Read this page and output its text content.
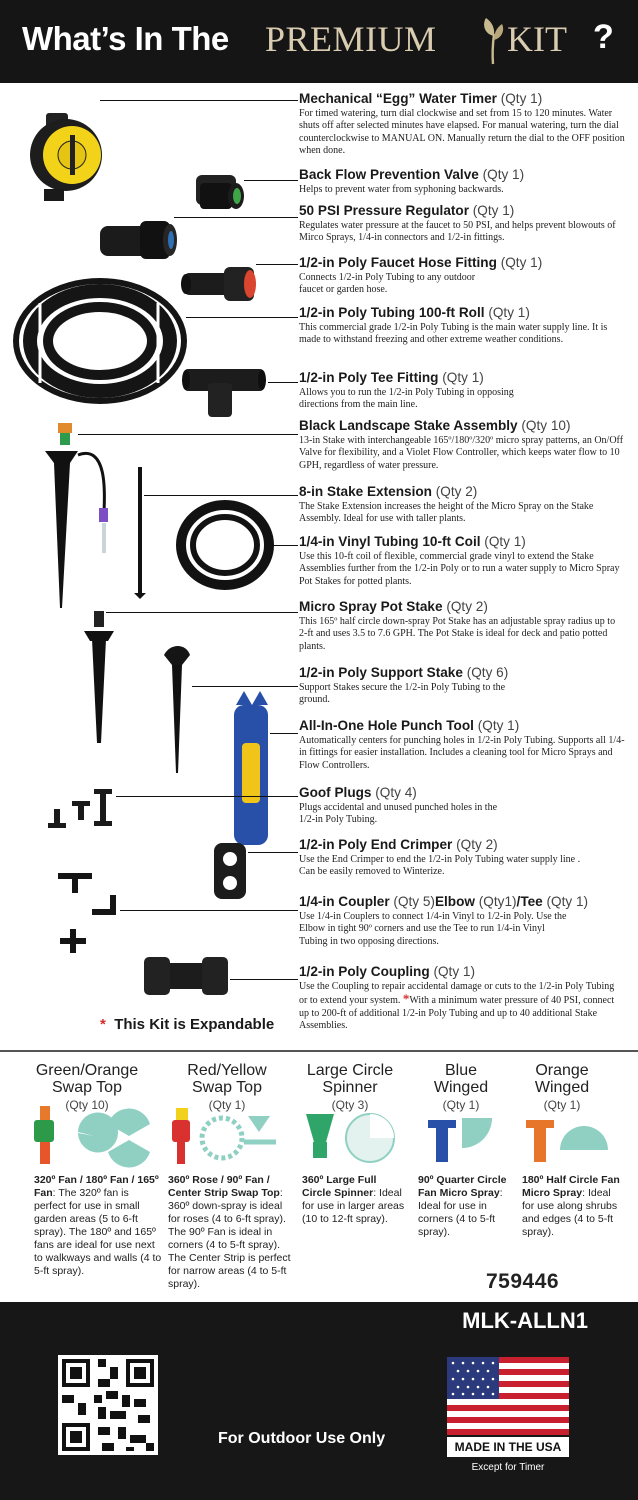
What’s In The PREMIUM KIT ?
Mechanical “Egg” Water Timer (Qty 1)
For timed watering, turn dial clockwise and set from 15 to 120 minutes. Water shuts off after selected minutes have elapsed. For manual watering, turn the dial counterclockwise to MANUAL ON. Manually return the dial to the OFF position when done.
Back Flow Prevention Valve (Qty 1)
Helps to prevent water from syphoning backwards.
50 PSI Pressure Regulator (Qty 1)
Regulates water pressure at the faucet to 50 PSI, and helps prevent blowouts of Mirco Sprays, 1/4-in connectors and 1/2-in fittings.
1/2-in Poly Faucet Hose Fitting (Qty 1)
Connects 1/2-in Poly Tubing to any outdoor faucet or garden hose.
1/2-in Poly Tubing 100-ft Roll (Qty 1)
This commercial grade 1/2-in Poly Tubing is the main water supply line. It is made to withstand freezing and other extreme weather conditions.
1/2-in Poly Tee Fitting (Qty 1)
Allows you to run the 1/2-in Poly Tubing in opposing directions from the main line.
Black Landscape Stake Assembly (Qty 10)
13-in Stake with interchangeable 165º/180º/320º micro spray patterns, an On/Off Valve for flexibility, and a Violet Flow Controller, which keeps water flow to 10 GPH, regardless of water pressure.
8-in Stake Extension (Qty 2)
The Stake Extension increases the height of the Micro Spray on the Stake Assembly. Ideal for use with taller plants.
1/4-in Vinyl Tubing 10-ft Coil (Qty 1)
Use this 10-ft coil of flexible, commercial grade vinyl to extend the Stake Assemblies further from the 1/2-in Poly or to run a water supply to Micro Spray Pot Stakes for potted plants.
Micro Spray Pot Stake (Qty 2)
This 165º half circle down-spray Pot Stake has an adjustable spray radius up to 2-ft and uses 3.5 to 7.6 GPH. The Pot Stake is ideal for deck and patio potted plants.
1/2-in Poly Support Stake (Qty 6)
Support Stakes secure the 1/2-in Poly Tubing to the ground.
All-In-One Hole Punch Tool (Qty 1)
Automatically centers for punching holes in 1/2-in Poly Tubing. Supports all 1/4-in fittings for easier installation. Includes a cleaning tool for Micro Sprays and Flow Controllers.
Goof Plugs (Qty 4)
Plugs accidental and unused punched holes in the 1/2-in Poly Tubing.
1/2-in Poly End Crimper (Qty 2)
Use the End Crimper to end the 1/2-in Poly Tubing water supply line . Can be easily removed to Winterize.
1/4-in Coupler (Qty 5)Elbow (Qty1)/Tee (Qty 1)
Use 1/4-in Couplers to connect 1/4-in Vinyl to 1/2-in Poly. Use the Elbow in tight 90º corners and use the Tee to run 1/4-in Vinyl Tubing in two opposing directions.
1/2-in Poly Coupling (Qty 1)
Use the Coupling to repair accidental damage or cuts to the 1/2-in Poly Tubing or to extend your system. *With a minimum water pressure of 40 PSI, connect up to 200-ft of additional 1/2-in Poly Tubing and up to 40 additional Stake Assemblies.
* This Kit is Expandable
Green/Orange
Swap Top
(Qty 10)
Red/Yellow
Swap Top
(Qty 1)
Large Circle
Spinner
(Qty 3)
Blue
Winged
(Qty 1)
Orange
Winged
(Qty 1)
320º Fan / 180º Fan / 165º Fan: The 320º fan is perfect for use in small garden areas (5 to 6-ft spray). The 180º and 165º fans are ideal for use next to walkways and walls (4 to 5-ft spray).
360º Rose / 90º Fan / Center Strip Swap Top: 360º down-spray is ideal for roses (4 to 6-ft spray). The 90º Fan is ideal in corners (4 to 5-ft spray). The Center Strip is perfect for narrow areas (4 to 5-ft spray).
360º Large Full Circle Spinner: Ideal for use in larger areas (10 to 12-ft spray).
90º Quarter Circle Fan Micro Spray: Ideal for use in corners (4 to 5-ft spray).
180º Half Circle Fan Micro Spray: Ideal for use along shrubs and edges (4 to 5-ft spray).
759446
MLK-ALLN1
For Outdoor Use Only	MADE IN THE USA
Except for Timer
